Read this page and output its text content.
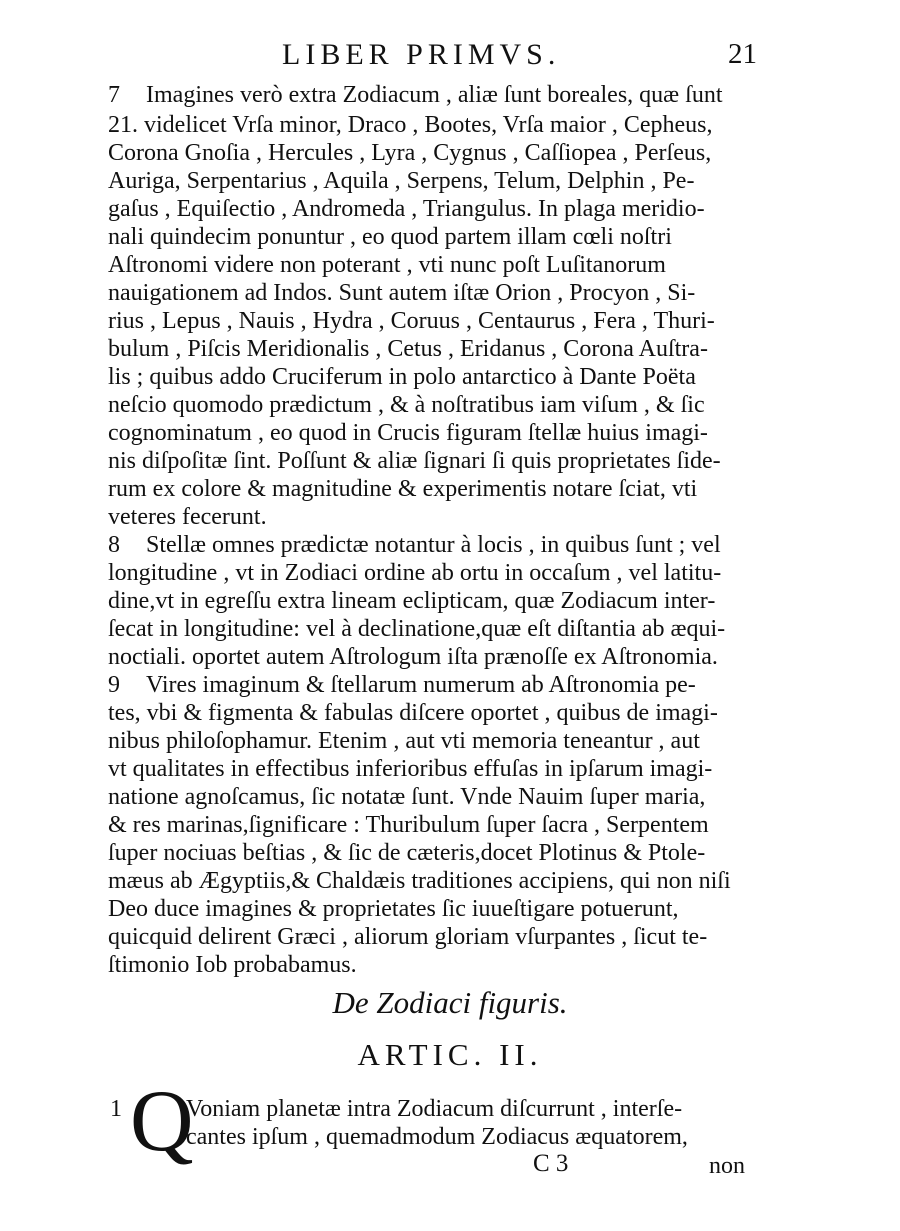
LIBER PRIMVS.	21
7 Imagines verò extra Zodiacum , aliæ ſunt boreales, quæ ſunt
21. videlicet Vrſa minor, Draco , Bootes, Vrſa maior , Cepheus,
Corona Gnoſia , Hercules , Lyra , Cygnus , Caſſiopea , Perſeus,
Auriga, Serpentarius , Aquila , Serpens, Telum, Delphin , Pe-
gaſus , Equiſectio , Andromeda , Triangulus. In plaga meridio-
nali quindecim ponuntur , eo quod partem illam cœli noſtri
Aſtronomi videre non poterant , vti nunc poſt Luſitanorum
nauigationem ad Indos. Sunt autem iſtæ Orion , Procyon , Si-
rius , Lepus , Nauis , Hydra , Coruus , Centaurus , Fera , Thuri-
bulum , Piſcis Meridionalis , Cetus , Eridanus , Corona Auſtra-
lis ; quibus addo Cruciferum in polo antarctico à Dante Poëta
neſcio quomodo prædictum , & à noſtratibus iam viſum , & ſic
cognominatum , eo quod in Crucis figuram ſtellæ huius imagi-
nis diſpoſitæ ſint. Poſſunt & aliæ ſignari ſi quis proprietates ſide-
rum ex colore & magnitudine & experimentis notare ſciat, vti
veteres fecerunt.
8 Stellæ omnes prædictæ notantur à locis , in quibus ſunt ; vel
longitudine , vt in Zodiaci ordine ab ortu in occaſum , vel latitu-
dine,vt in egreſſu extra lineam eclipticam, quæ Zodiacum inter-
ſecat in longitudine: vel à declinatione,quæ eſt diſtantia ab æqui-
noctiali. oportet autem Aſtrologum iſta prænoſſe ex Aſtronomia.
9 Vires imaginum & ſtellarum numerum ab Aſtronomia pe-
tes, vbi & figmenta & fabulas diſcere oportet , quibus de imagi-
nibus philoſophamur. Etenim , aut vti memoria teneantur , aut
vt qualitates in effectibus inferioribus effuſas in ipſarum imagi-
natione agnoſcamus, ſic notatæ ſunt. Vnde Nauim ſuper maria,
& res marinas,ſignificare : Thuribulum ſuper ſacra , Serpentem
ſuper nociuas beſtias , & ſic de cæteris,docet Plotinus & Ptole-
mæus ab Ægyptiis,& Chaldæis traditiones accipiens, qui non niſi
Deo duce imagines & proprietates ſic iuueſtigare potuerunt,
quicquid delirent Græci , aliorum gloriam vſurpantes , ſicut te-
ſtimonio Iob probabamus.
De Zodiaci figuris.
ARTIC. II.
1 Q
Voniam planetæ intra Zodiacum diſcurrunt , interſe-
cantes ipſum , quemadmodum Zodiacus æquatorem,
C 3	non
